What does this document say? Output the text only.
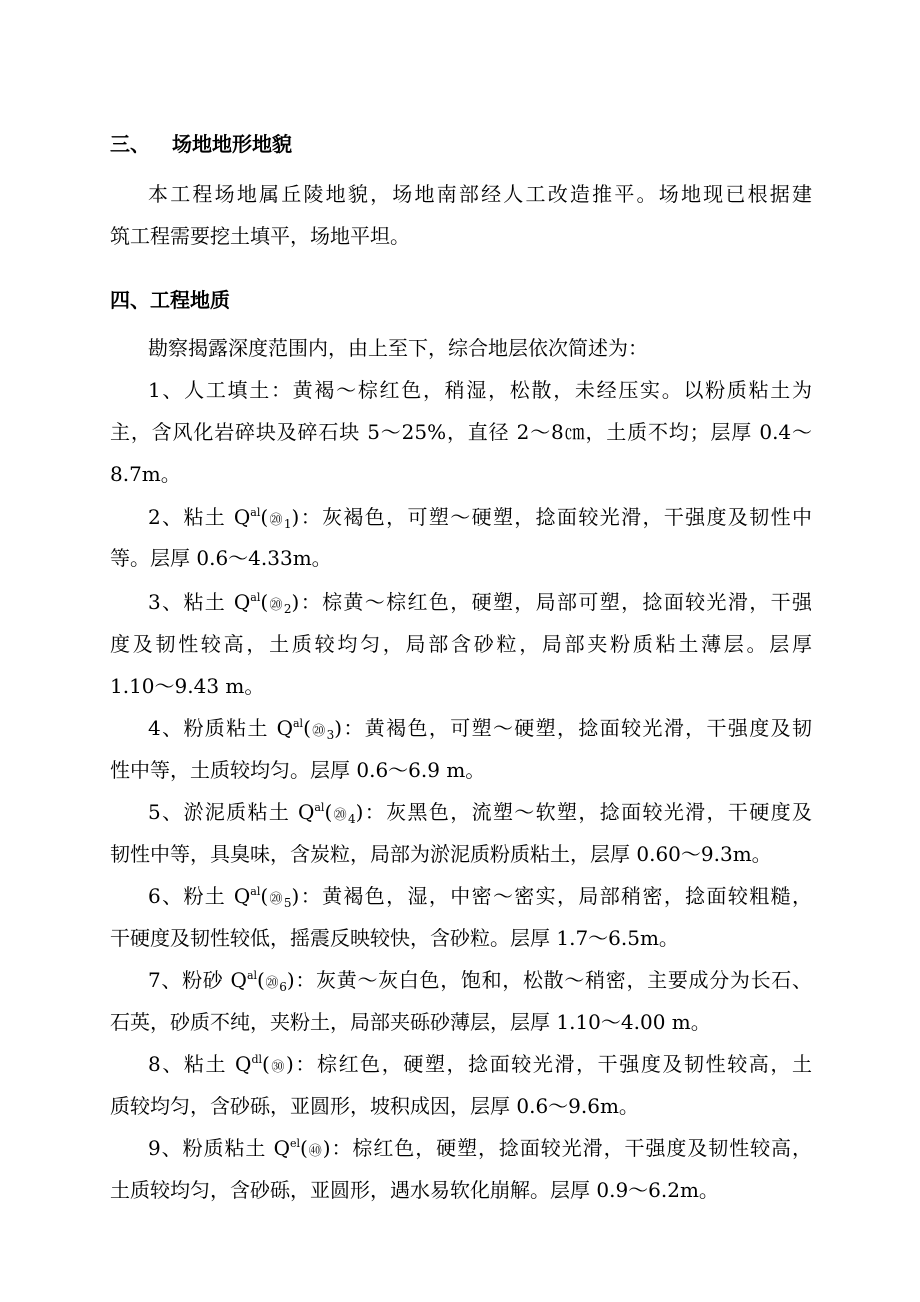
三、 场地地形地貌
本工程场地属丘陵地貌，场地南部经人工改造推平。场地现已根据建
筑工程需要挖土填平，场地平坦。
四、工程地质
勘察揭露深度范围内，由上至下，综合地层依次简述为：
1、人工填土：黄褐～棕红色，稍湿，松散，未经压实。以粉质粘土为
主，含风化岩碎块及碎石块 5～25%，直径 2～8㎝，土质不均；层厚 0.4～
8.7m。
2、粘土 $Q^{al}(⑳_1)$：灰褐色，可塑～硬塑，捻面较光滑，干强度及韧性中
等。层厚 0.6～4.33m。
3、粘土 $Q^{al}(⑳_2)$：棕黄～棕红色，硬塑，局部可塑，捻面较光滑，干强
度及韧性较高，土质较均匀，局部含砂粒，局部夹粉质粘土薄层。层厚
1.10～9.43 m。
4、粉质粘土 $Q^{al}(⑳_3)$：黄褐色，可塑～硬塑，捻面较光滑，干强度及韧
性中等，土质较均匀。层厚 0.6～6.9 m。
5、淤泥质粘土 $Q^{al}(⑳_4)$：灰黑色，流塑～软塑，捻面较光滑，干硬度及
韧性中等，具臭味，含炭粒，局部为淤泥质粉质粘土，层厚 0.60～9.3m。
6、粉土 $Q^{al}(⑳_5)$：黄褐色，湿，中密～密实，局部稍密，捻面较粗糙，
干硬度及韧性较低，摇震反映较快，含砂粒。层厚 1.7～6.5m。
7、粉砂 $Q^{al}(⑳_6)$：灰黄～灰白色，饱和，松散～稍密，主要成分为长石、
石英，砂质不纯，夹粉土，局部夹砾砂薄层，层厚 1.10～4.00 m。
8、粘土 $Q^{dl}(㉚)$：棕红色，硬塑，捻面较光滑，干强度及韧性较高，土
质较均匀，含砂砾，亚圆形，坡积成因，层厚 0.6～9.6m。
9、粉质粘土 $Q^{el}(㊵)$：棕红色，硬塑，捻面较光滑，干强度及韧性较高，
土质较均匀，含砂砾，亚圆形，遇水易软化崩解。层厚 0.9～6.2m。
